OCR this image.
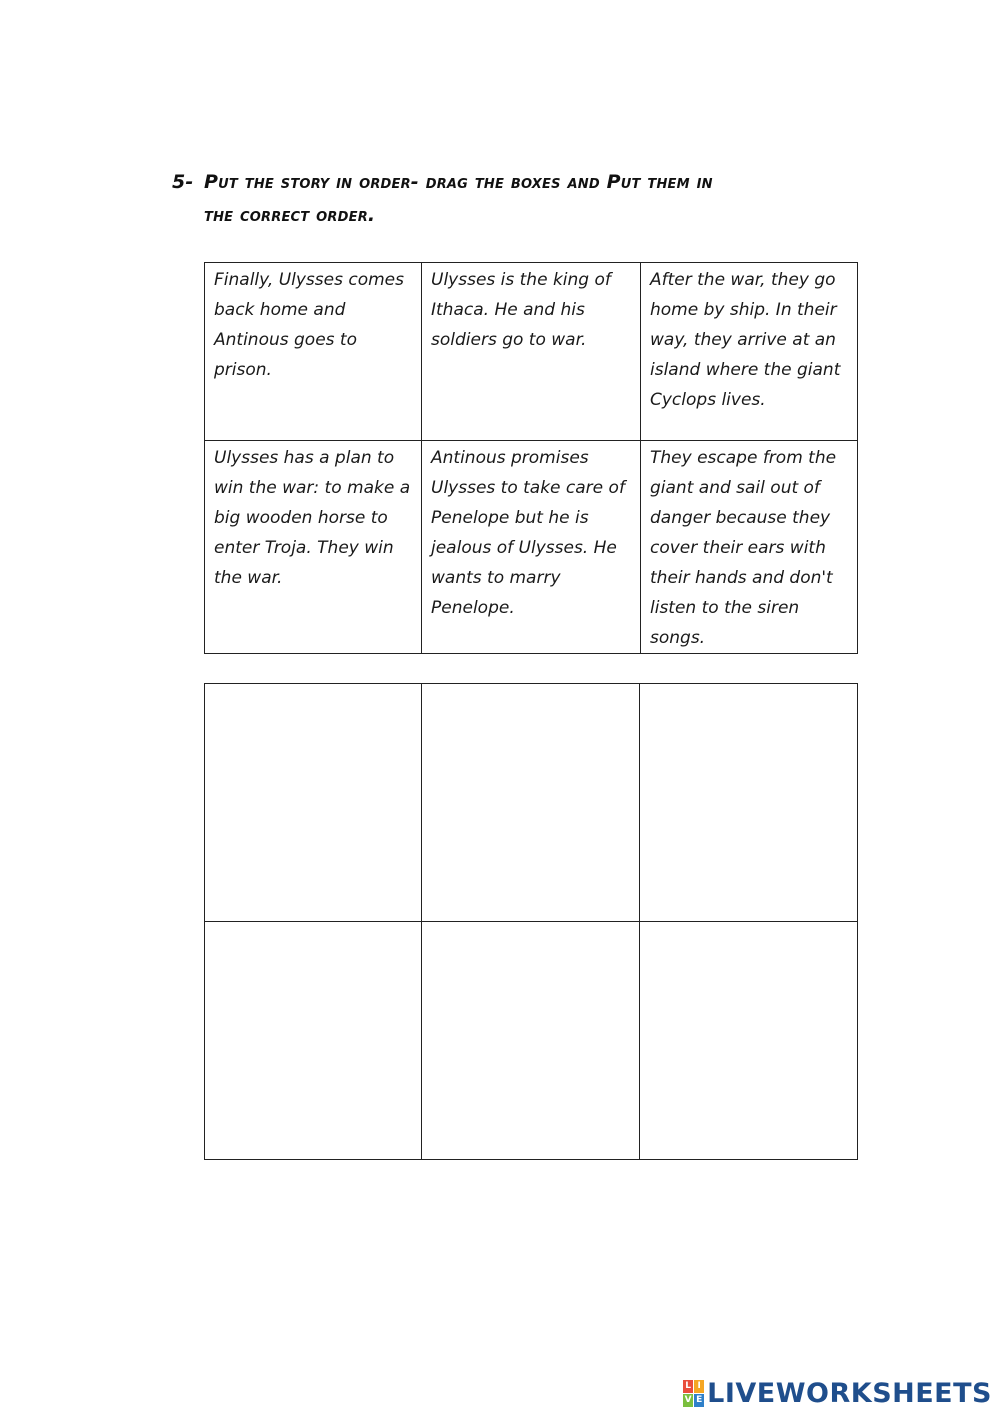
5- Put the story in order- drag the boxes and Put them in
the correct order.
Finally, Ulysses comes back home and Antinous goes to prison.	Ulysses is the king of Ithaca. He and his soldiers go to war.	After the war, they go home by ship. In their way, they arrive at an island where the giant Cyclops lives.
Ulysses has a plan to win the war: to make a big wooden horse to enter Troja. They win the war.	Antinous promises Ulysses to take care of Penelope but he is jealous of Ulysses. He wants to marry Penelope.	They escape from the giant and sail out of danger because they cover their ears with their hands and don't listen to the siren songs.

L I
V E LIVEWORKSHEETS
